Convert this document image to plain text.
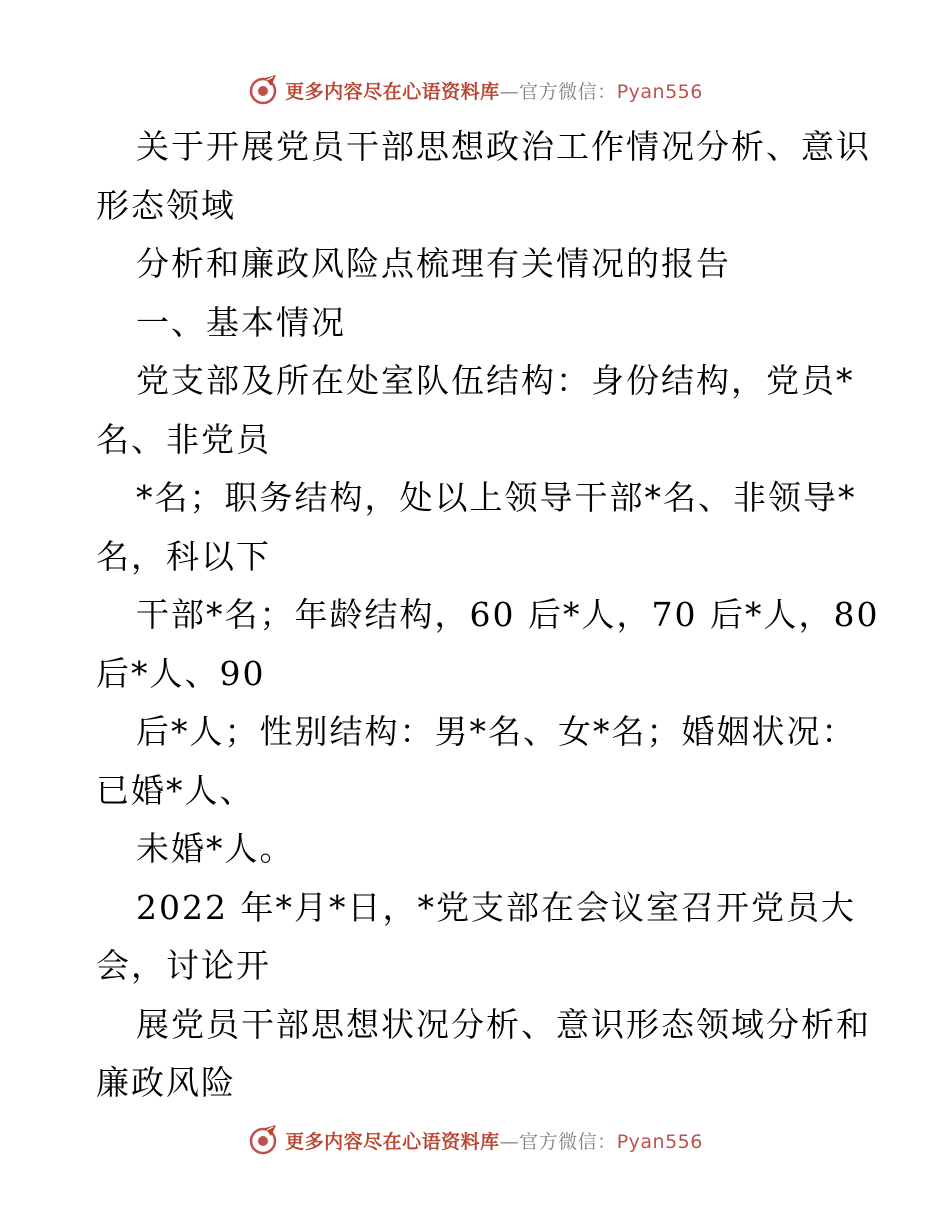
更多内容尽在心语资料库—官方微信：Pyan556
关于开展党员干部思想政治工作情况分析、意识
形态领域
分析和廉政风险点梳理有关情况的报告
一、基本情况
党支部及所在处室队伍结构：身份结构，党员*
名、非党员
*名；职务结构，处以上领导干部*名、非领导*
名，科以下
干部*名；年龄结构，60 后*人，70 后*人，80
后*人、90
后*人；性别结构：男*名、女*名；婚姻状况：
已婚*人、
未婚*人。
2022 年*月*日，*党支部在会议室召开党员大
会，讨论开
展党员干部思想状况分析、意识形态领域分析和
廉政风险
更多内容尽在心语资料库—官方微信：Pyan556
